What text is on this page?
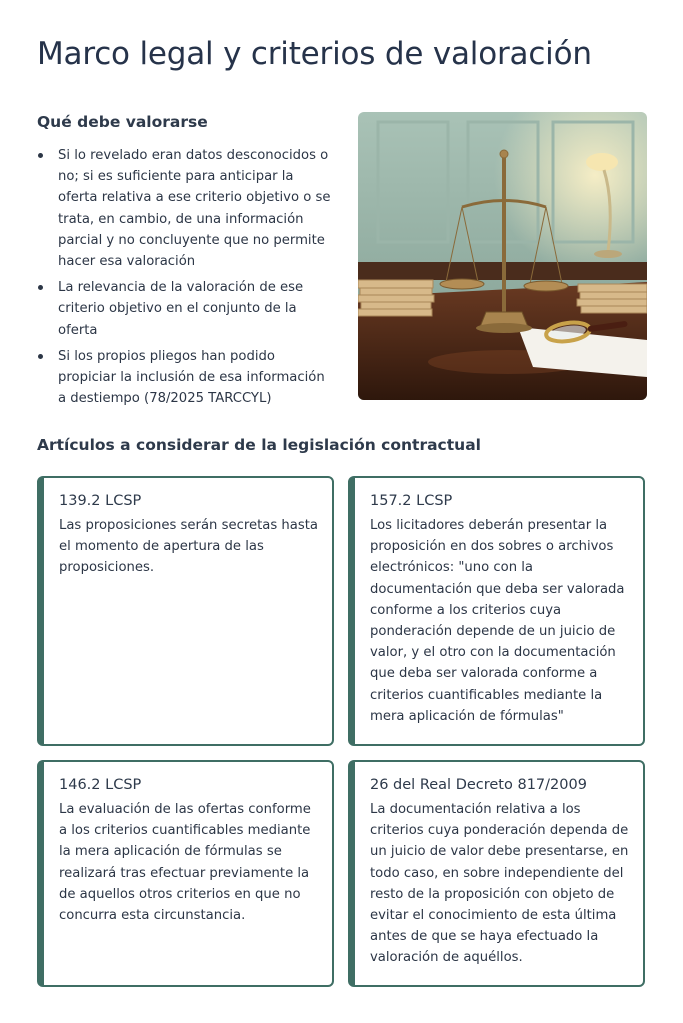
Marco legal y criterios de valoración
Qué debe valorarse
Si lo revelado eran datos desconocidos o no; si es suficiente para anticipar la oferta relativa a ese criterio objetivo o se trata, en cambio, de una información parcial y no concluyente que no permite hacer esa valoración
La relevancia de la valoración de ese criterio objetivo en el conjunto de la oferta
Si los propios pliegos han podido propiciar la inclusión de esa información a destiempo (78/2025 TARCCYL)
Artículos a considerar de la legislación contractual
139.2 LCSP
Las proposiciones serán secretas hasta el momento de apertura de las proposiciones.
157.2 LCSP
Los licitadores deberán presentar la proposición en dos sobres o archivos electrónicos: "uno con la documentación que deba ser valorada conforme a los criterios cuya ponderación depende de un juicio de valor, y el otro con la documentación que deba ser valorada conforme a criterios cuantificables mediante la mera aplicación de fórmulas"
146.2 LCSP
La evaluación de las ofertas conforme a los criterios cuantificables mediante la mera aplicación de fórmulas se realizará tras efectuar previamente la de aquellos otros criterios en que no concurra esta circunstancia.
26 del Real Decreto 817/2009
La documentación relativa a los criterios cuya ponderación dependa de un juicio de valor debe presentarse, en todo caso, en sobre independiente del resto de la proposición con objeto de evitar el conocimiento de esta última antes de que se haya efectuado la valoración de aquéllos.
